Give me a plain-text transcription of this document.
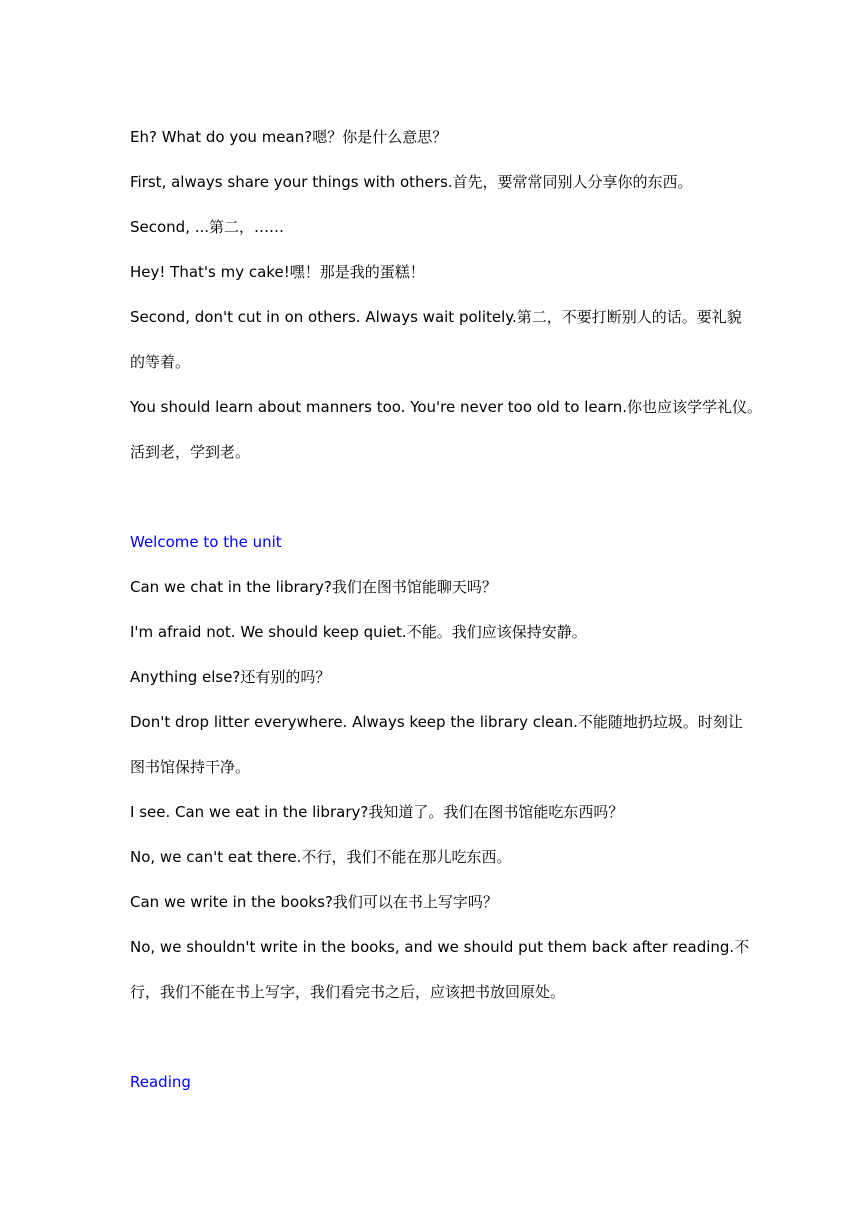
Eh? What do you mean?嗯？你是什么意思？

First, always share your things with others.首先，要常常同别人分享你的东西。

Second, ...第二，……

Hey! That's my cake!嘿！那是我的蛋糕！

Second, don't cut in on others. Always wait politely.第二，不要打断别人的话。要礼貌

的等着。

You should learn about manners too. You're never too old to learn.你也应该学学礼仪。

活到老，学到老。

Welcome to the unit

Can we chat in the library?我们在图书馆能聊天吗？

I'm afraid not. We should keep quiet.不能。我们应该保持安静。

Anything else?还有别的吗？

Don't drop litter everywhere. Always keep the library clean.不能随地扔垃圾。时刻让

图书馆保持干净。

I see. Can we eat in the library?我知道了。我们在图书馆能吃东西吗？

No, we can't eat there.不行，我们不能在那儿吃东西。

Can we write in the books?我们可以在书上写字吗？

No, we shouldn't write in the books, and we should put them back after reading.不

行，我们不能在书上写字，我们看完书之后，应该把书放回原处。

Reading
